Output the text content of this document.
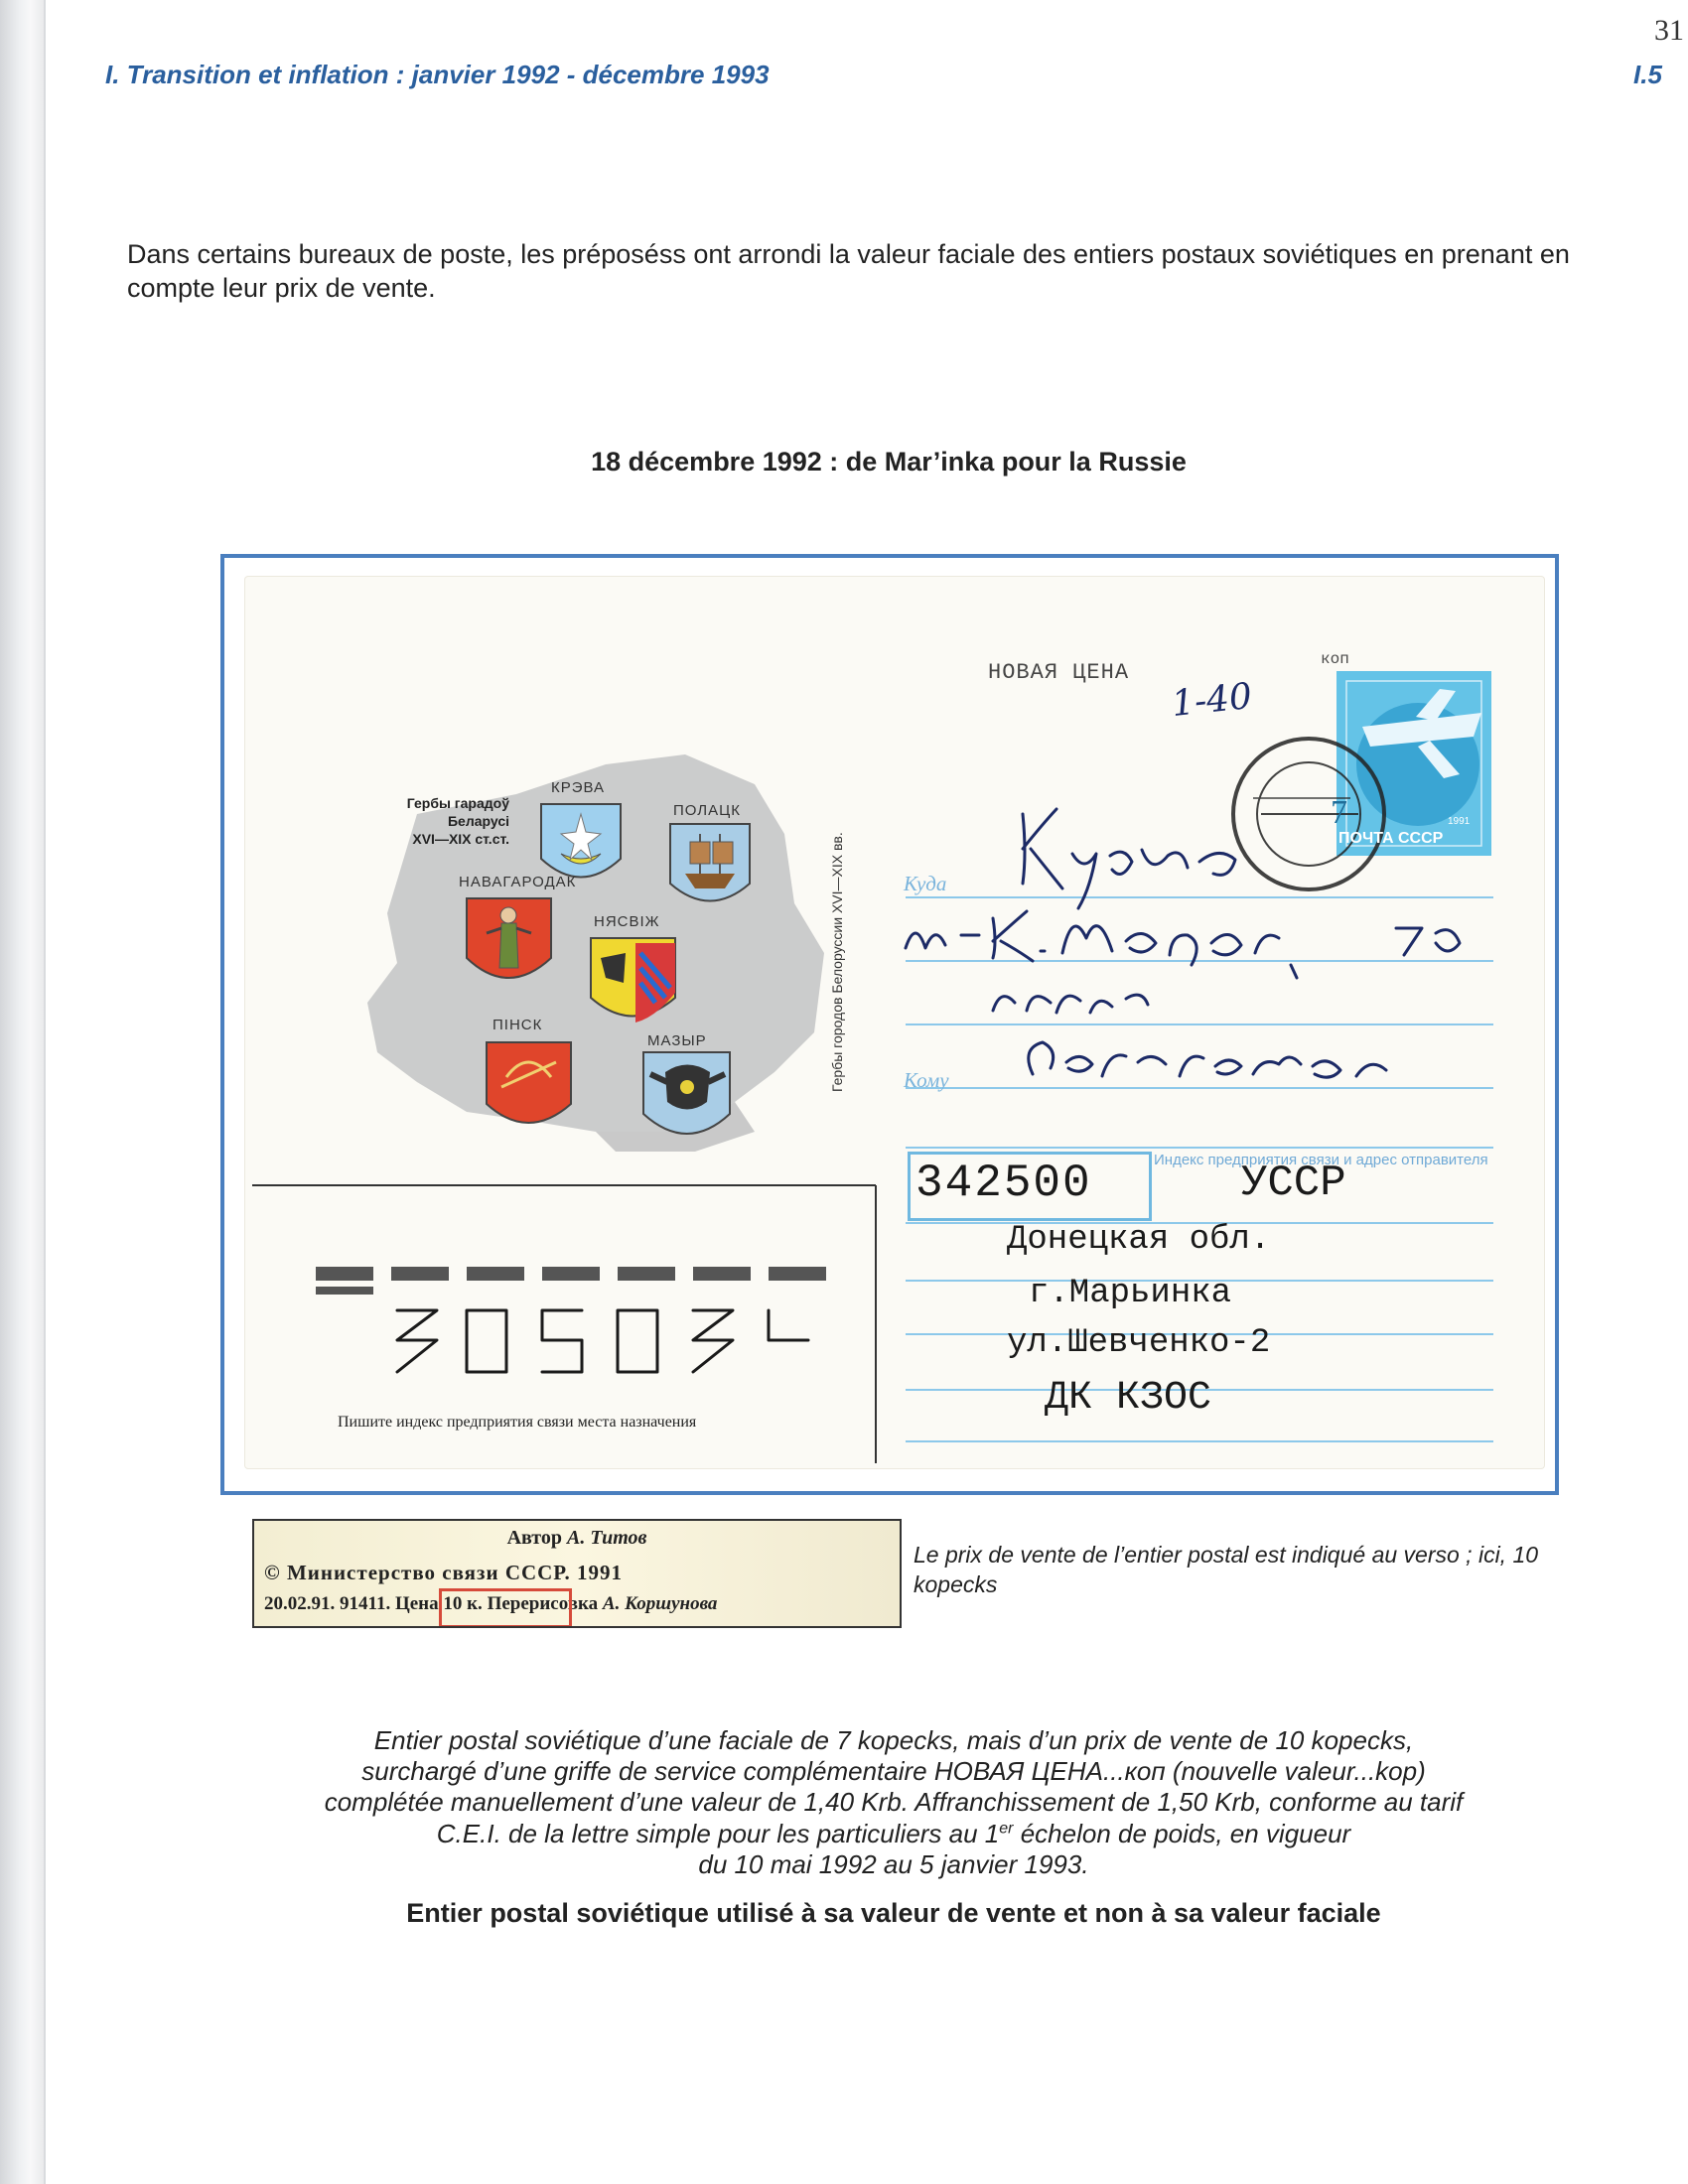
I. Transition et inflation : janvier 1992 - décembre 1993	I.5
31
Dans certains bureaux de poste, les préposéss ont arrondi la valeur faciale des entiers postaux soviétiques en prenant en compte leur prix de vente.
18 décembre 1992 : de Mar’inka pour la Russie
Гербы гарадоў
Беларусі
XVI—XIX ст.ст.
КРЭВА
ПОЛАЦК
НАВАГАРОДАК
НЯСВІЖ
ПІНСК
МАЗЫР	Гербы городов Белоруссии XVI—XIX вв.
НОВАЯ ЦЕНА
коп
1-40
7
ПОЧТА СССР
1991
Куда
Кому
Индекс предприятия связи и адрес отправителя
342500	УССР
Донецкая обл.
г.Марьинка
ул.Шевченко-2
ДК КЗОС
Пишите индекс предприятия связи места назначения
Автор А. Титов
© Министерство связи СССР. 1991
20.02.91. 91411. Цена 10 к. Перерисовка А. Коршунова
Le prix de vente de l’entier postal est indiqué au verso ; ici, 10 kopecks

Entier postal soviétique d’une faciale de 7 kopecks, mais d’un prix de vente de 10 kopecks,

surchargé d’une griffe de service complémentaire НОВАЯ ЦЕНА...коп (nouvelle valeur...kop)

complétée manuellement d’une valeur de 1,40 Krb. Affranchissement de 1,50 Krb, conforme au tarif

C.E.I. de la lettre simple pour les particuliers au 1er échelon de poids, en vigueur

du 10 mai 1992 au 5 janvier 1993.

Entier postal soviétique utilisé à sa valeur de vente et non à sa valeur faciale
